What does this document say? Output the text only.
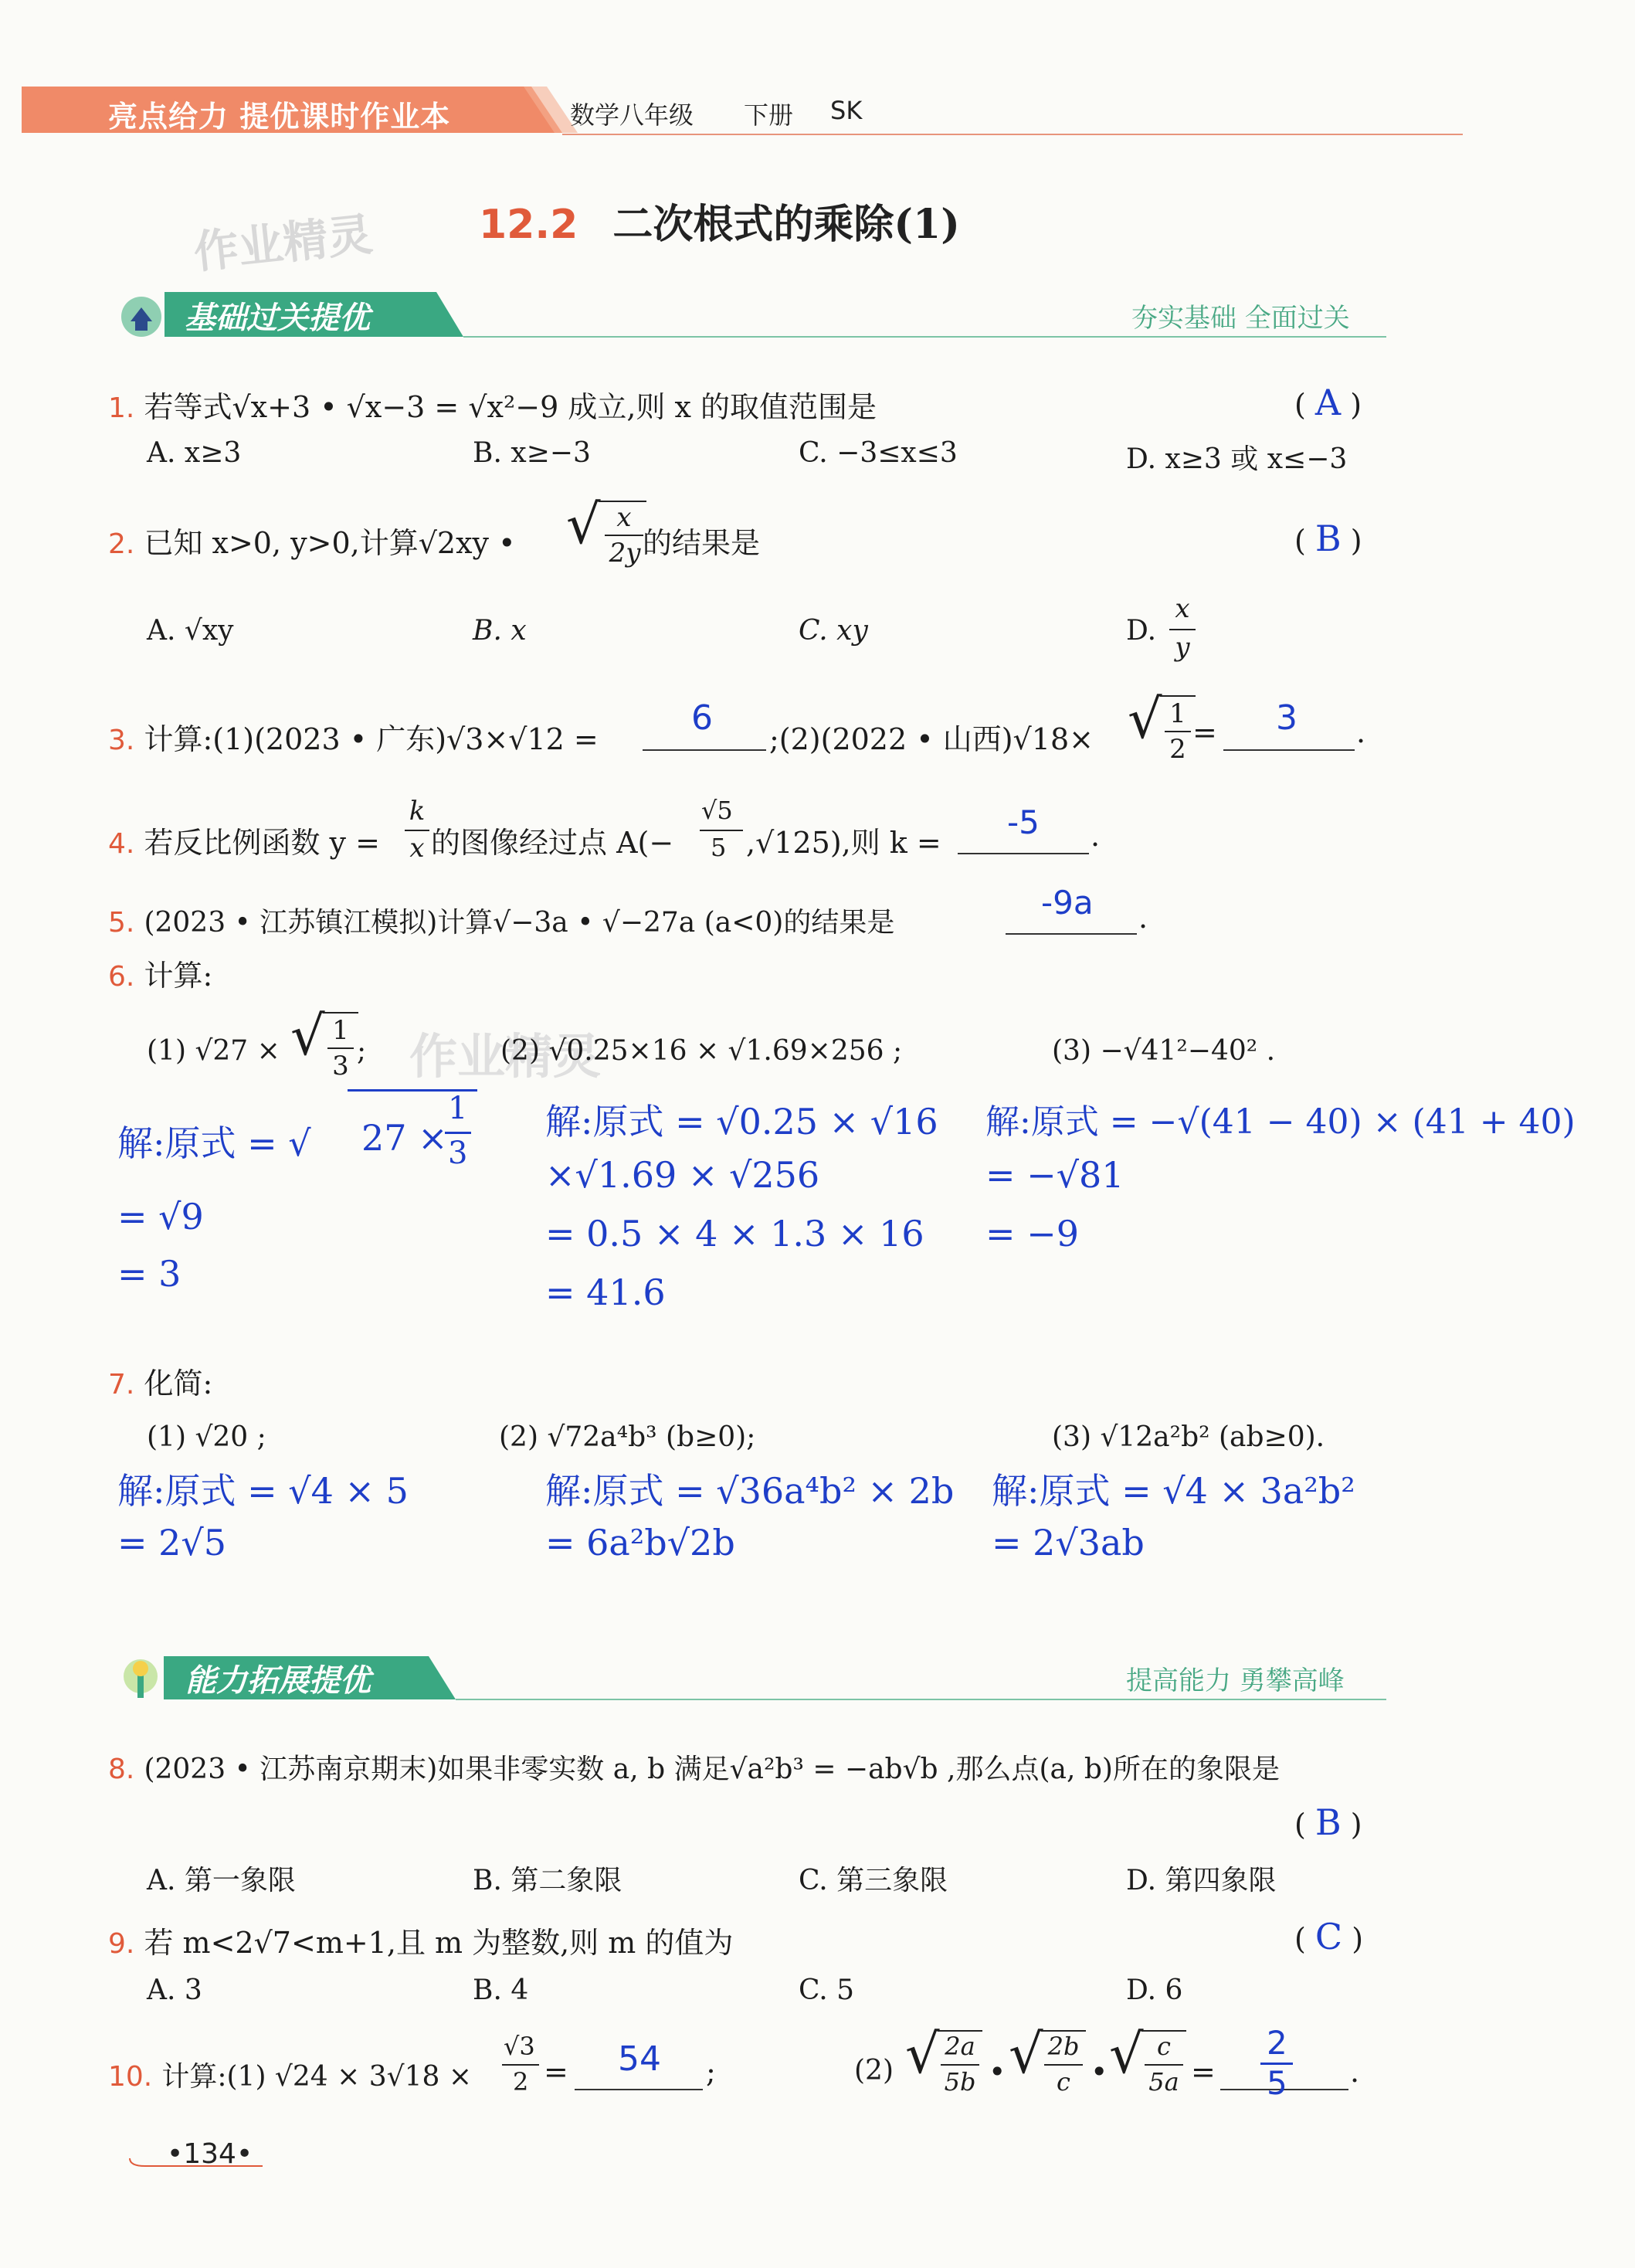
亮点给力 提优课时作业本	数学八年级 下册 SK
作业精灵
作业精灵
12.2 二次根式的乘除(1)
基础过关提优	夯实基础 全面过关
1. 若等式√x+3 • √x−3 = √x²−9 成立,则 x 的取值范围是	( A )
A. x≥3	B. x≥−3	C. −3≤x≤3	D. x≥3 或 x≤−3
2. 已知 x>0, y>0,计算√2xy • √ x
2y 的结果是	( B )
A. √xy	B. x	C. xy	D.
x
y
3. 计算:(1)(2023 • 广东)√3×√12 =
6
;(2)(2022 • 山西)√18× √ 1
2 = 3 .
4. 若反比例函数 y =
k
x 的图像经过点 A(−
√5
5 ,√125),则 k =
-5 .
5. (2023 • 江苏镇江模拟)计算√−3a • √−27a (a<0)的结果是
-9a .
6. 计算:
(1) √27 × √ 1
3 ;	(2) √0.25×16 × √1.69×256 ;	(3) −√41²−40² .
解:原式 = √ 27 ×
1
3
= √9
= 3
解:原式 = √0.25 × √16
×√1.69 × √256
= 0.5 × 4 × 1.3 × 16
= 41.6
解:原式 = −√(41 − 40) × (41 + 40)
= −√81
= −9
7. 化简:
(1) √20 ;	(2) √72a⁴b³ (b≥0);	(3) √12a²b² (ab≥0).
解:原式 = √4 × 5
= 2√5
解:原式 = √36a⁴b² × 2b
= 6a²b√2b
解:原式 = √4 × 3a²b²
= 2√3ab
能力拓展提优	提高能力 勇攀高峰
8. (2023 • 江苏南京期末)如果非零实数 a, b 满足√a²b³ = −ab√b ,那么点(a, b)所在的象限是
( B )
A. 第一象限	B. 第二象限	C. 第三象限	D. 第四象限
9. 若 m<2√7<m+1,且 m 为整数,则 m 的值为	( C )
A. 3	B. 4	C. 5	D. 6
10. 计算:(1) √24 × 3√18 ×
√3
2 = 54 ;	(2) √ 2a
5b • √ 2b
c • √ c
5a =
2
5 .
•134•
